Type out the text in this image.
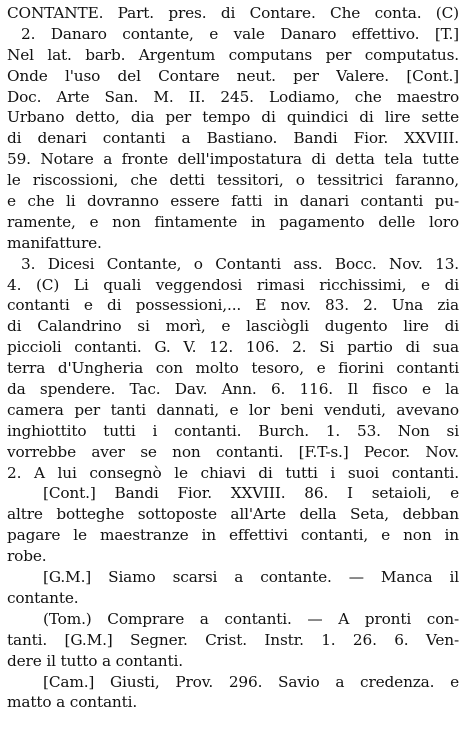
CONTANTE. Part. pres. di Contare. Che conta. (C)
2. Danaro contante, e vale Danaro effettivo. [T.]
Nel lat. barb. Argentum computans per computatus.
Onde l'uso del Contare neut. per Valere. [Cont.]
Doc. Arte San. M. II. 245. Lodiamo, che maestro
Urbano detto, dia per tempo di quindici di lire sette
di denari contanti a Bastiano. Bandi Fior. XXVIII.
59. Notare a fronte dell'impostatura di detta tela tutte
le riscossioni, che detti tessitori, o tessitrici faranno,
e che li dovranno essere fatti in danari contanti pu-
ramente, e non fintamente in pagamento delle loro
manifatture.
3. Dicesi Contante, o Contanti ass. Bocc. Nov. 13.
4. (C) Li quali veggendosi rimasi ricchissimi, e di
contanti e di possessioni,... E nov. 83. 2. Una zia
di Calandrino si morì, e lasciògli dugento lire di
piccioli contanti. G. V. 12. 106. 2. Si partio di sua
terra d'Ungheria con molto tesoro, e fiorini contanti
da spendere. Tac. Dav. Ann. 6. 116. Il fisco e la
camera per tanti dannati, e lor beni venduti, avevano
inghiottito tutti i contanti. Burch. 1. 53. Non si
vorrebbe aver se non contanti. [F.T-s.] Pecor. Nov.
2. A lui consegnò le chiavi di tutti i suoi contanti.
[Cont.] Bandi Fior. XXVIII. 86. I setaioli, e
altre botteghe sottoposte all'Arte della Seta, debban
pagare le maestranze in effettivi contanti, e non in
robe.
[G.M.] Siamo scarsi a contante. — Manca il
contante.
(Tom.) Comprare a contanti. — A pronti con-
tanti. [G.M.] Segner. Crist. Instr. 1. 26. 6. Ven-
dere il tutto a contanti.
[Cam.] Giusti, Prov. 296. Savio a credenza. e
matto a contanti.
